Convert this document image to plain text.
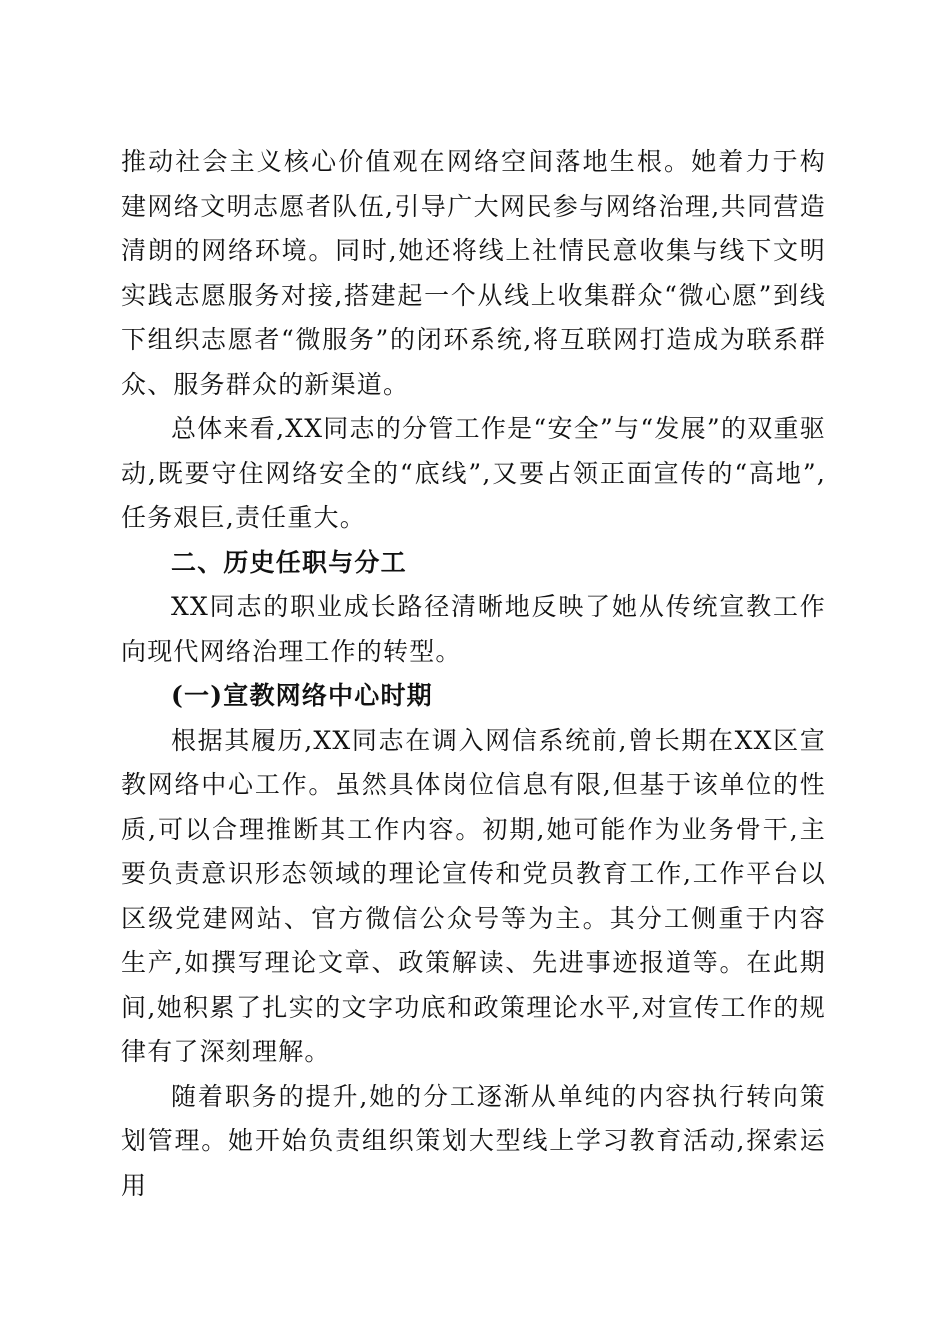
推动社会主义核心价值观在网络空间落地生根。她着力于构建网络文明志愿者队伍,引导广大网民参与网络治理,共同营造清朗的网络环境。同时,她还将线上社情民意收集与线下文明实践志愿服务对接,搭建起一个从线上收集群众“微心愿”到线下组织志愿者“微服务”的闭环系统,将互联网打造成为联系群众、服务群众的新渠道。

总体来看,XX同志的分管工作是“安全”与“发展”的双重驱动,既要守住网络安全的“底线”,又要占领正面宣传的“高地”,任务艰巨,责任重大。

二、历史任职与分工

XX同志的职业成长路径清晰地反映了她从传统宣教工作向现代网络治理工作的转型。

(一)宣教网络中心时期

根据其履历,XX同志在调入网信系统前,曾长期在XX区宣教网络中心工作。虽然具体岗位信息有限,但基于该单位的性质,可以合理推断其工作内容。初期,她可能作为业务骨干,主要负责意识形态领域的理论宣传和党员教育工作,工作平台以区级党建网站、官方微信公众号等为主。其分工侧重于内容生产,如撰写理论文章、政策解读、先进事迹报道等。在此期间,她积累了扎实的文字功底和政策理论水平,对宣传工作的规律有了深刻理解。

随着职务的提升,她的分工逐渐从单纯的内容执行转向策划管理。她开始负责组织策划大型线上学习教育活动,探索运用
